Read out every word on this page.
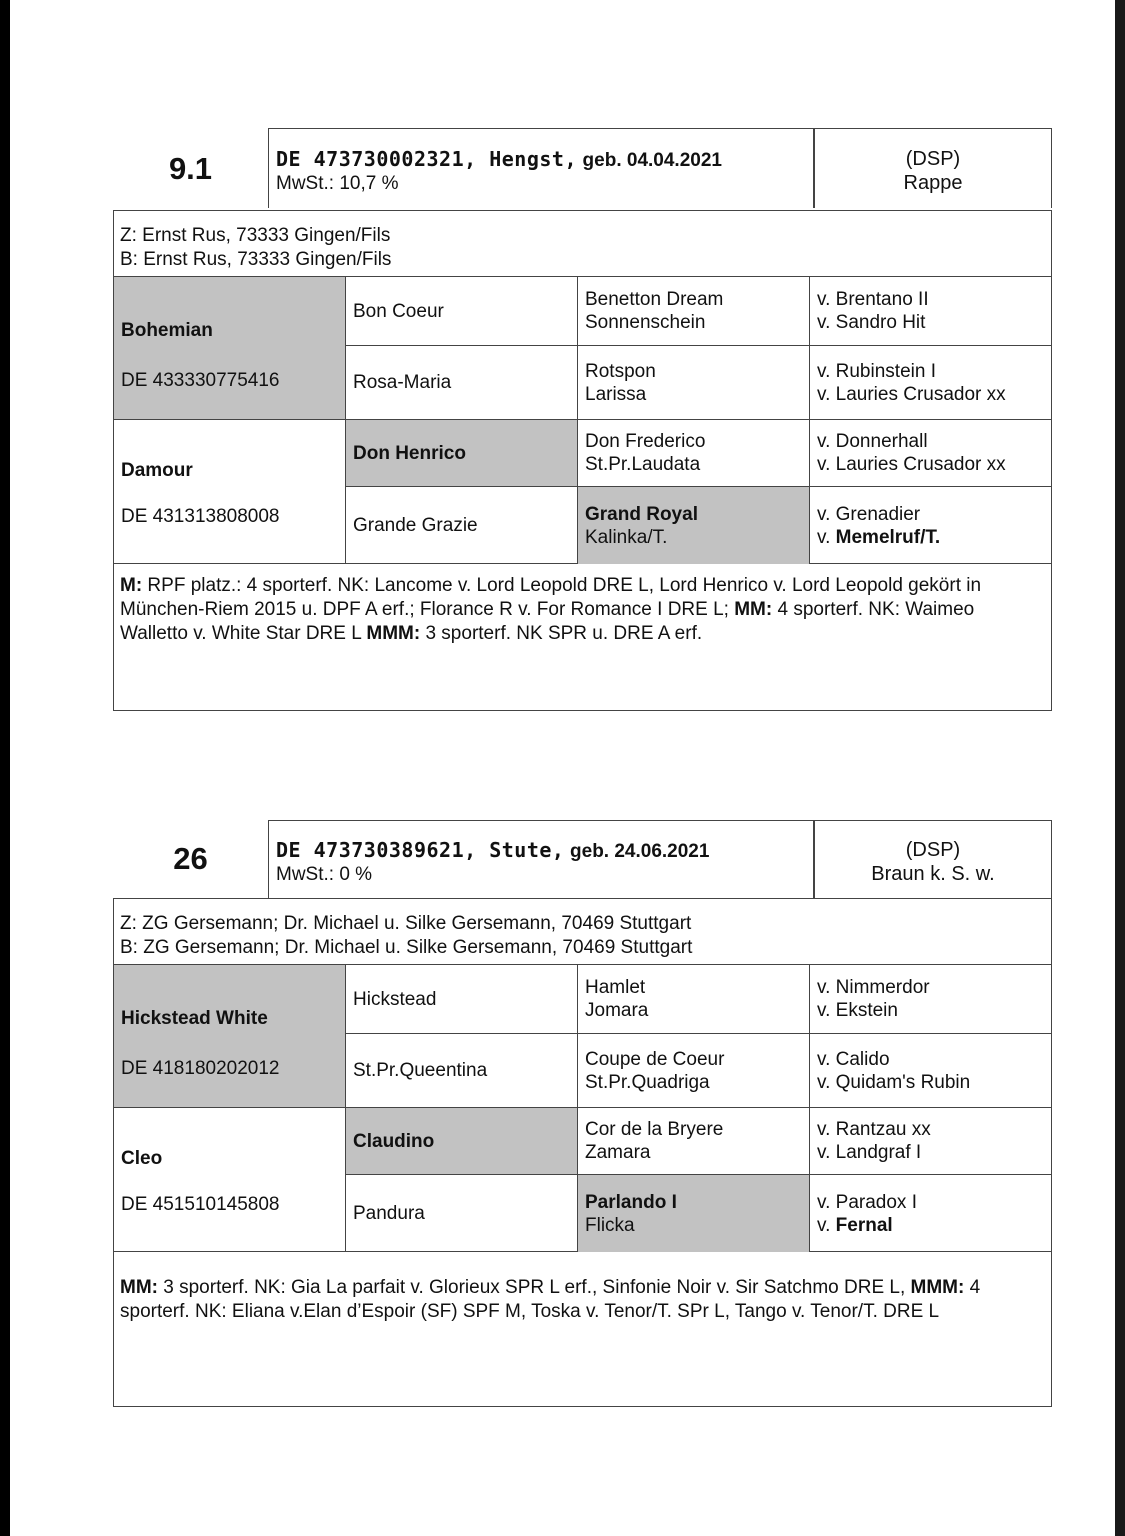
9.1	DE 473730002321, Hengst, geb. 04.04.2021
MwSt.: 10,7 %
(DSP)
Rappe
Z: Ernst Rus, 73333 Gingen/Fils
B: Ernst Rus, 73333 Gingen/Fils
Bohemian
DE 433330775416
Damour
DE 431313808008
Bon Coeur
Rosa-Maria
Don Henrico
Grande Grazie
Benetton Dream
Sonnenschein
Rotspon
Larissa
Don Frederico
St.Pr.Laudata
Grand Royal
Kalinka/T.
v. Brentano II
v. Sandro Hit
v. Rubinstein I
v. Lauries Crusador xx
v. Donnerhall
v. Lauries Crusador xx
v. Grenadier
v. Memelruf/T.
M: RPF platz.: 4 sporterf. NK: Lancome v. Lord Leopold DRE L, Lord Henrico v. Lord Leopold gekört in München-Riem 2015 u. DPF A erf.; Florance R v. For Romance I DRE L; MM: 4 sporterf. NK: Waimeo Walletto v. White Star DRE L MMM: 3 sporterf. NK SPR u. DRE A erf.
26	DE 473730389621, Stute, geb. 24.06.2021
MwSt.: 0 %
(DSP)
Braun k. S. w.
Z: ZG Gersemann; Dr. Michael u. Silke Gersemann, 70469 Stuttgart
B: ZG Gersemann; Dr. Michael u. Silke Gersemann, 70469 Stuttgart
Hickstead White
DE 418180202012
Cleo
DE 451510145808
Hickstead
St.Pr.Queentina
Claudino
Pandura
Hamlet
Jomara
Coupe de Coeur
St.Pr.Quadriga
Cor de la Bryere
Zamara
Parlando I
Flicka
v. Nimmerdor
v. Ekstein
v. Calido
v. Quidam's Rubin
v. Rantzau xx
v. Landgraf I
v. Paradox I
v. Fernal
MM: 3 sporterf. NK: Gia La parfait v. Glorieux SPR L erf., Sinfonie Noir v. Sir Satchmo DRE L, MMM: 4 sporterf. NK: Eliana v.Elan d’Espoir (SF) SPF M, Toska v. Tenor/T. SPr L, Tango v. Tenor/T. DRE L
